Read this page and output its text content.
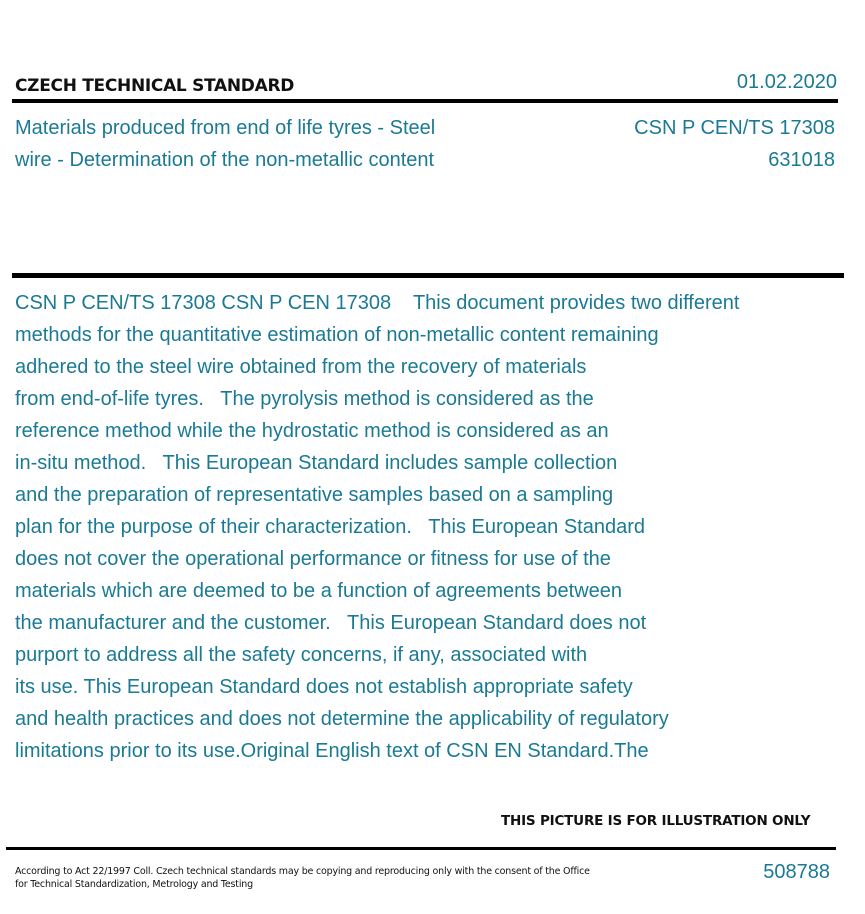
CZECH TECHNICAL STANDARD	01.02.2020
Materials produced from end of life tyres - Steel
wire - Determination of the non-metallic content
CSN P CEN/TS 17308
631018
CSN P CEN/TS 17308 CSN P CEN 17308    This document provides two different
methods for the quantitative estimation of non-metallic content remaining
adhered to the steel wire obtained from the recovery of materials
from end-of-life tyres.   The pyrolysis method is considered as the
reference method while the hydrostatic method is considered as an
in-situ method.   This European Standard includes sample collection
and the preparation of representative samples based on a sampling
plan for the purpose of their characterization.   This European Standard
does not cover the operational performance or fitness for use of the
materials which are deemed to be a function of agreements between
the manufacturer and the customer.   This European Standard does not
purport to address all the safety concerns, if any, associated with
its use. This European Standard does not establish appropriate safety
and health practices and does not determine the applicability of regulatory
limitations prior to its use.Original English text of CSN EN Standard.The
THIS PICTURE IS FOR ILLUSTRATION ONLY
According to Act 22/1997 Coll. Czech technical standards may be copying and reproducing only with the consent of the Office
for Technical Standardization, Metrology and Testing
508788
